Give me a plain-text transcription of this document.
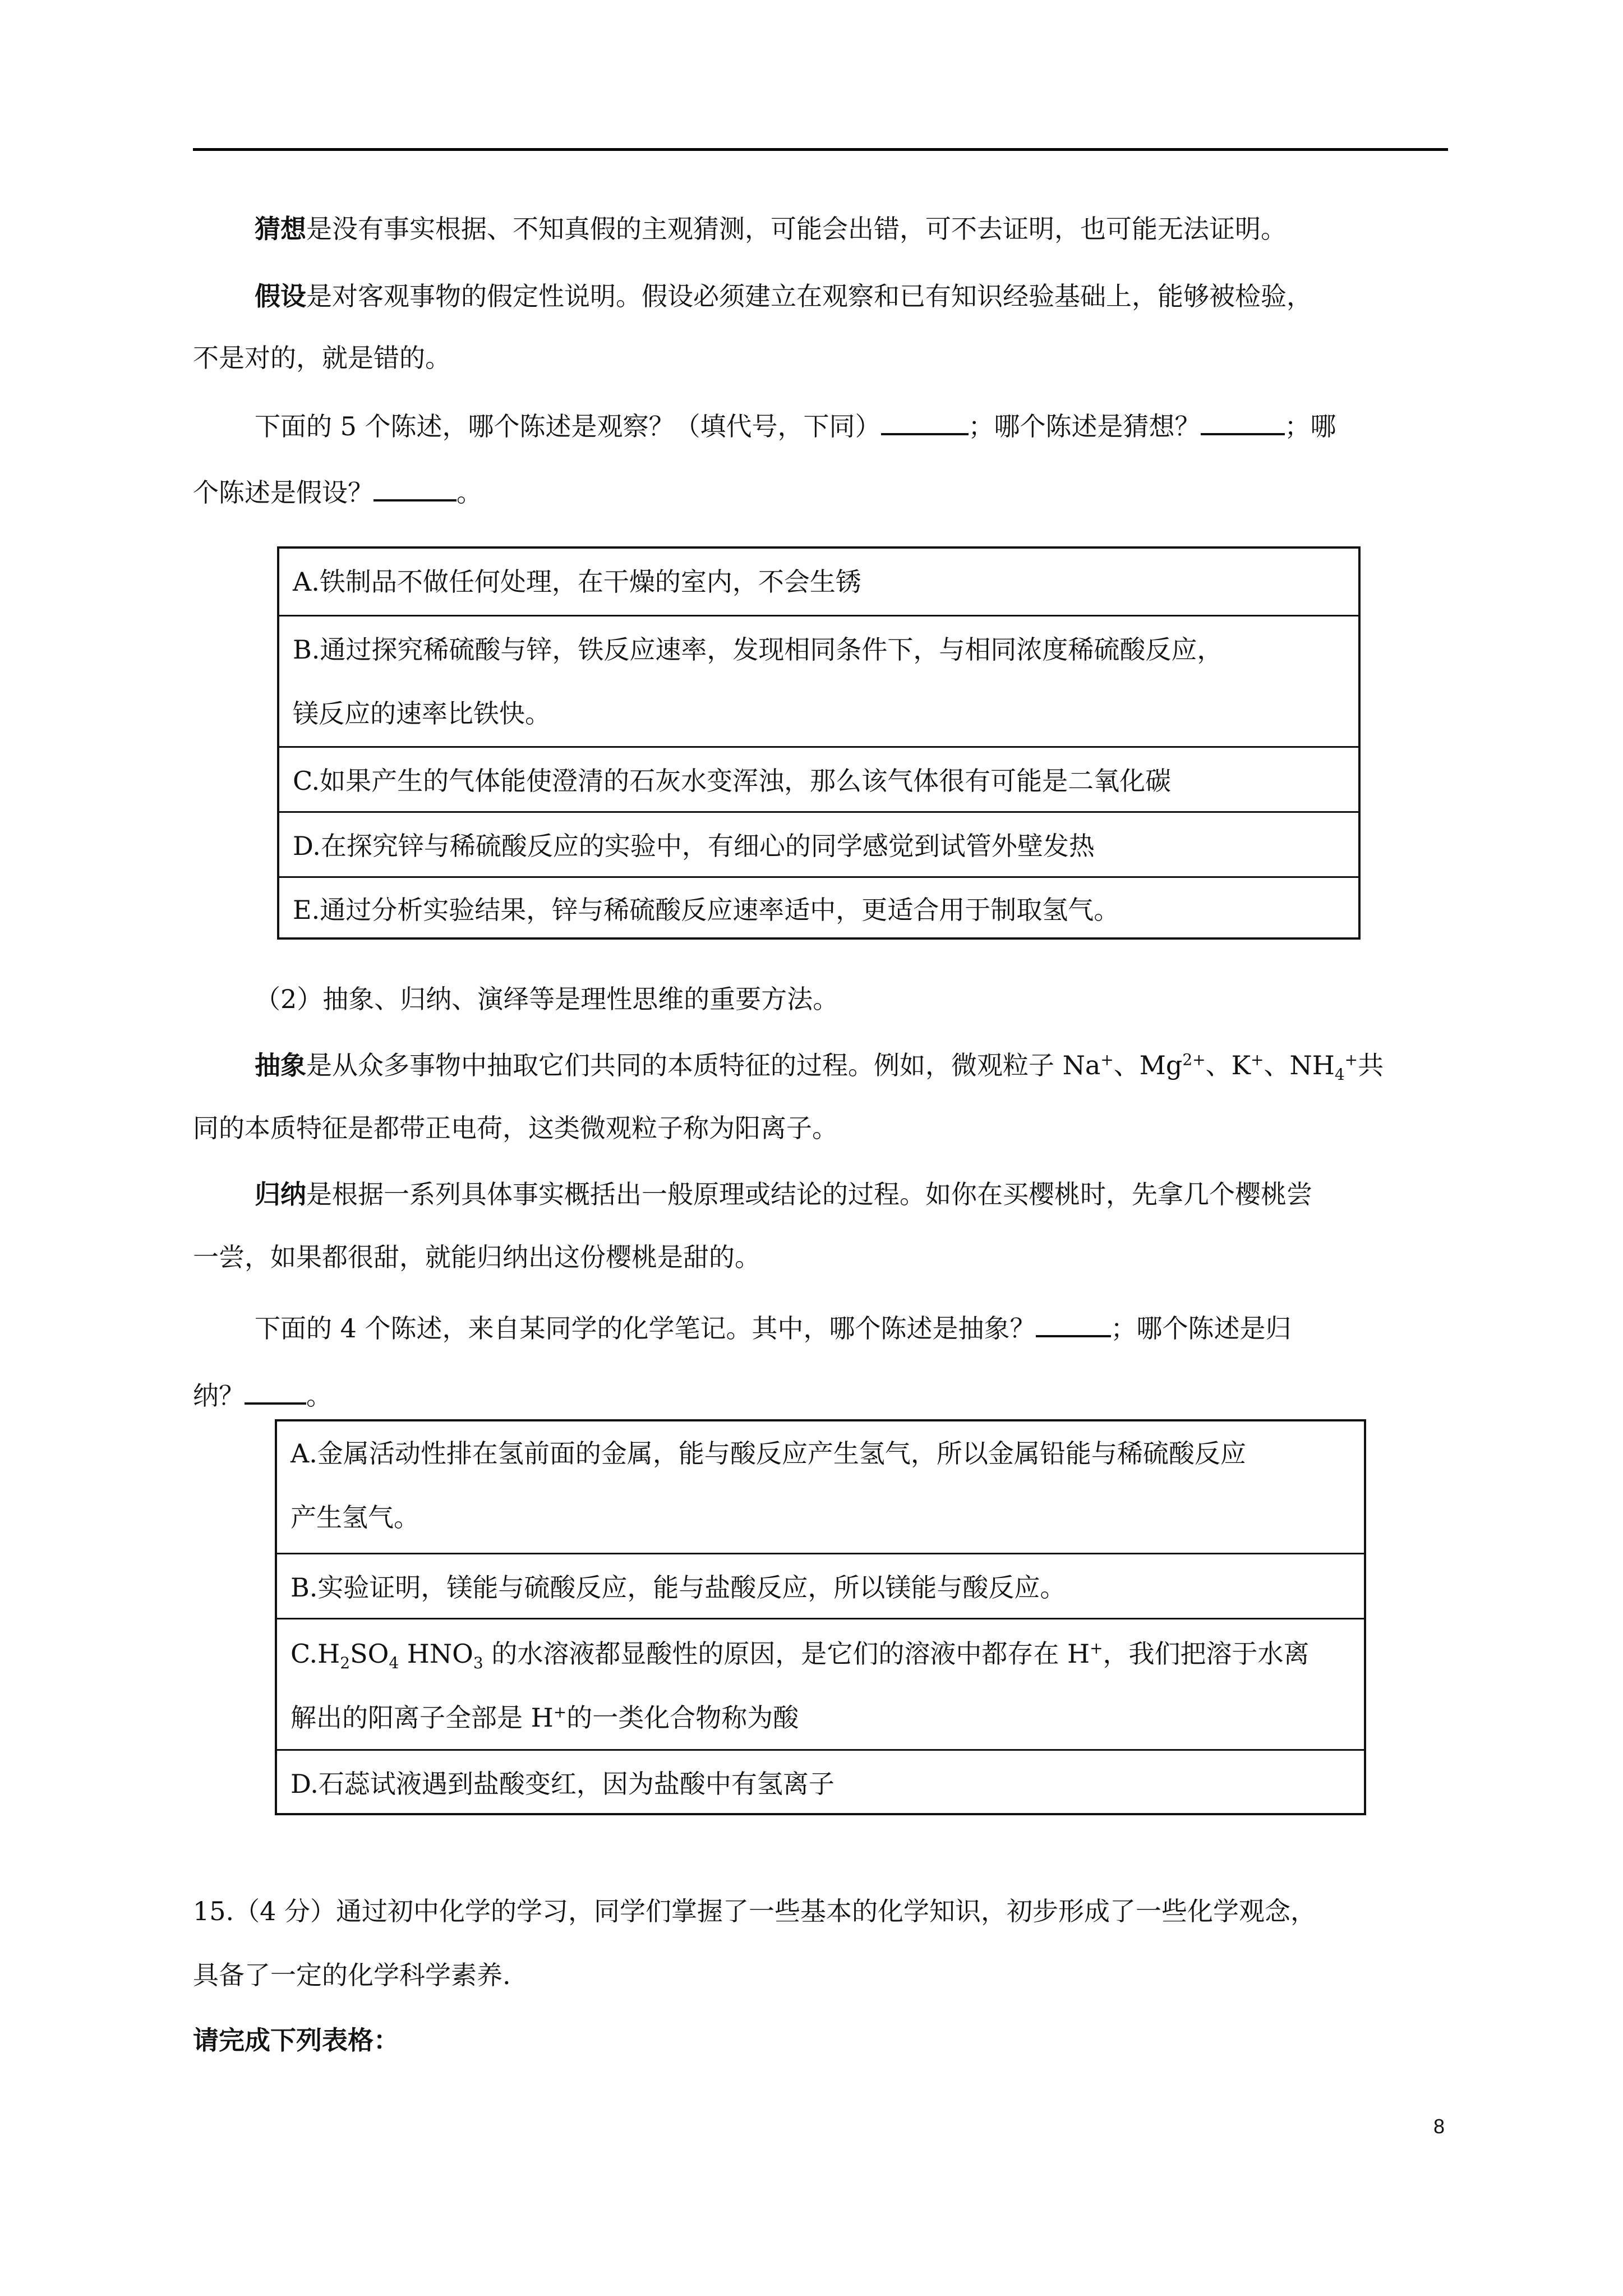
猜想是没有事实根据、不知真假的主观猜测，可能会出错，可不去证明，也可能无法证明。
假设是对客观事物的假定性说明。假设必须建立在观察和已有知识经验基础上，能够被检验，
不是对的，就是错的。
下面的 5 个陈述，哪个陈述是观察？（填代号，下同）	；哪个陈述是猜想？	；哪
个陈述是假设？	。
A.铁制品不做任何处理，在干燥的室内，不会生锈
B.通过探究稀硫酸与锌，铁反应速率，发现相同条件下，与相同浓度稀硫酸反应，
镁反应的速率比铁快。
C.如果产生的气体能使澄清的石灰水变浑浊，那么该气体很有可能是二氧化碳
D.在探究锌与稀硫酸反应的实验中，有细心的同学感觉到试管外壁发热
E.通过分析实验结果，锌与稀硫酸反应速率适中，更适合用于制取氢气。
（2）抽象、归纳、演绎等是理性思维的重要方法。
抽象是从众多事物中抽取它们共同的本质特征的过程。例如，微观粒子 Na+、$Mg^{2+}$、K+、$NH_4^+$共
同的本质特征是都带正电荷，这类微观粒子称为阳离子。
归纳是根据一系列具体事实概括出一般原理或结论的过程。如你在买樱桃时，先拿几个樱桃尝
一尝，如果都很甜，就能归纳出这份樱桃是甜的。
下面的 4 个陈述，来自某同学的化学笔记。其中，哪个陈述是抽象？	；哪个陈述是归
纳？ 。
A.金属活动性排在氢前面的金属，能与酸反应产生氢气，所以金属铅能与稀硫酸反应
产生氢气。
B.实验证明，镁能与硫酸反应，能与盐酸反应，所以镁能与酸反应。
$C.H_2SO_4$ $HNO_3$ 的水溶液都显酸性的原因，是它们的溶液中都存在 H+，我们把溶于水离
解出的阳离子全部是 H+的一类化合物称为酸
D.石蕊试液遇到盐酸变红，因为盐酸中有氢离子
15.（4 分）通过初中化学的学习，同学们掌握了一些基本的化学知识，初步形成了一些化学观念，
具备了一定的化学科学素养.
请完成下列表格：
8
